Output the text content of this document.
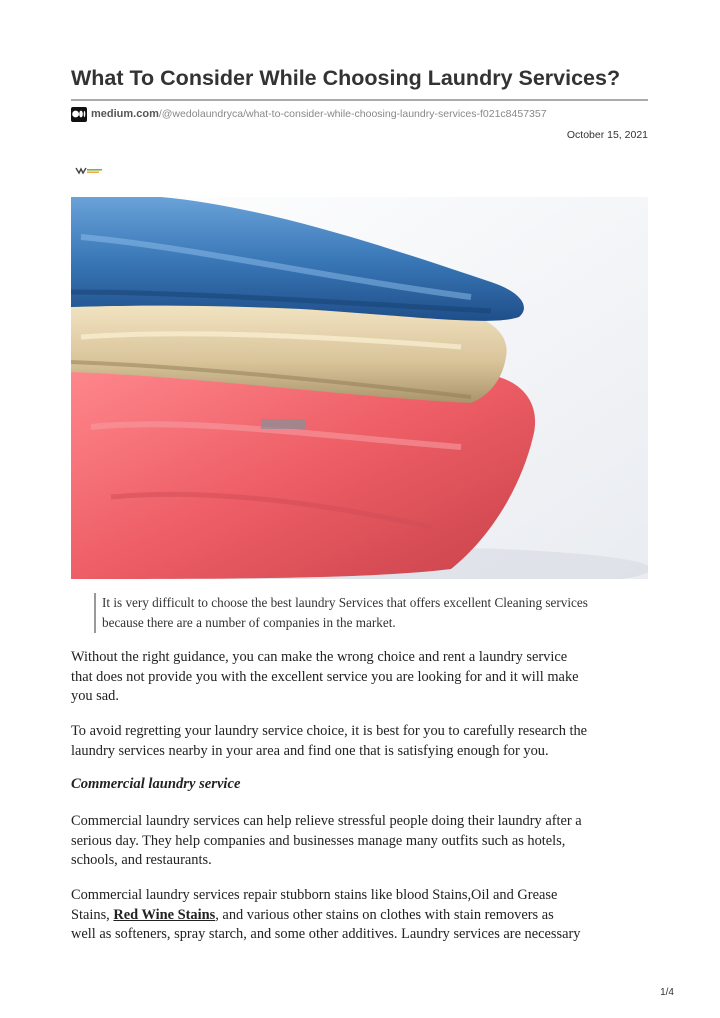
What To Consider While Choosing Laundry Services?
medium.com /@wedolaundryca/what-to-consider-while-choosing-laundry-services-f021c8457357
October 15, 2021

It is very difficult to choose the best laundry Services that offers excellent Cleaning services

because there are a number of companies in the market.

Without the right guidance, you can make the wrong choice and rent a laundry service
that does not provide you with the excellent service you are looking for and it will make
you sad.

To avoid regretting your laundry service choice, it is best for you to carefully research the
laundry services nearby in your area and find one that is satisfying enough for you.

Commercial laundry service

Commercial laundry services can help relieve stressful people doing their laundry after a
serious day. They help companies and businesses manage many outfits such as hotels,
schools, and restaurants.

Commercial laundry services repair stubborn stains like blood Stains,Oil and Grease
Stains, Red Wine Stains, and various other stains on clothes with stain removers as
well as softeners, spray starch, and some other additives. Laundry services are necessary

1/4
